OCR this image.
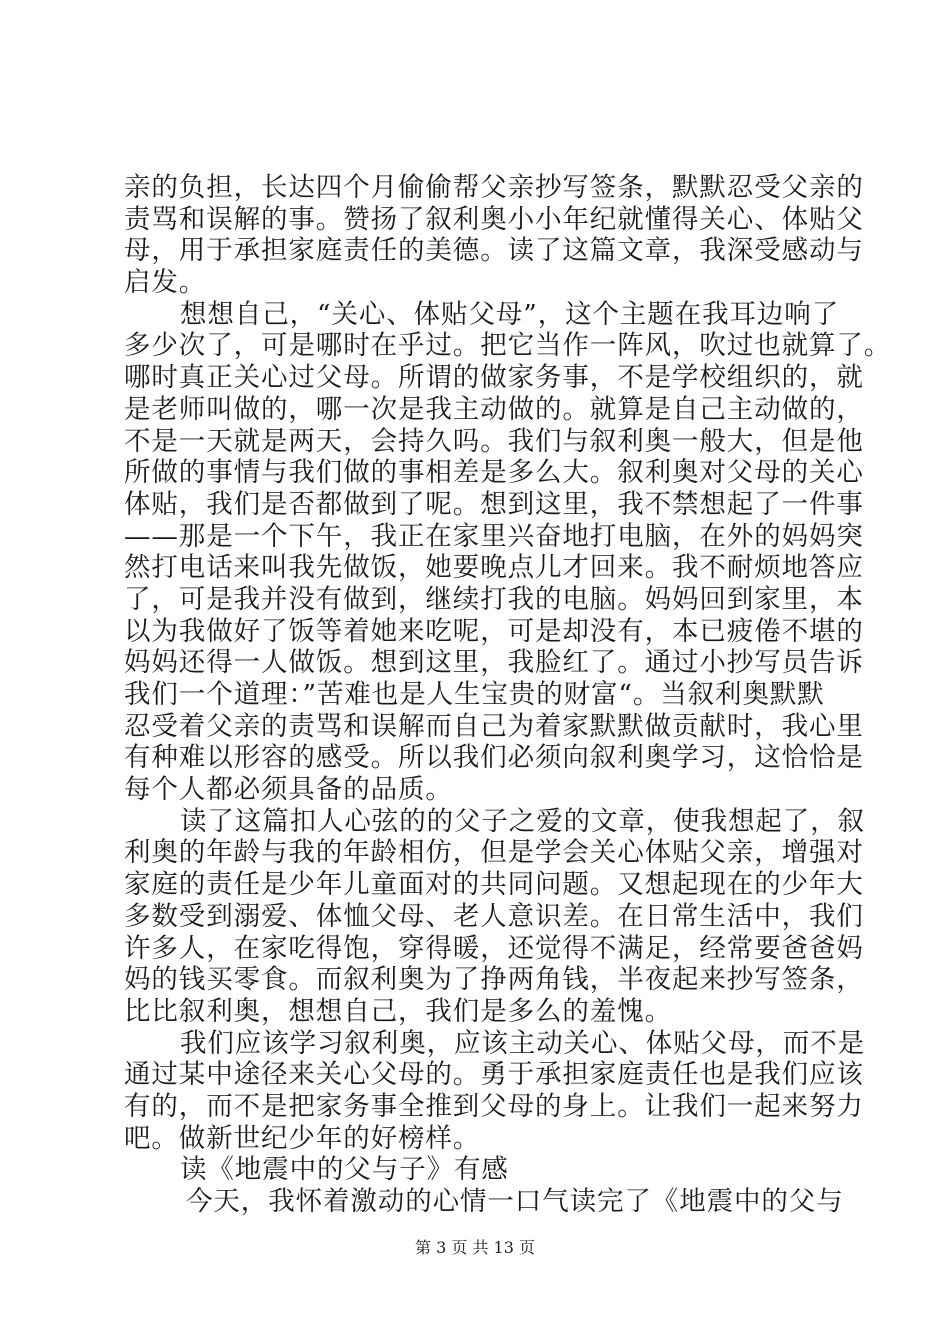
亲的负担，长达四个月偷偷帮父亲抄写签条，默默忍受父亲的
责骂和误解的事。赞扬了叙利奥小小年纪就懂得关心、体贴父
母，用于承担家庭责任的美德。读了这篇文章，我深受感动与
启发。
想想自己，“关心、体贴父母”，这个主题在我耳边响了
多少次了，可是哪时在乎过。把它当作一阵风，吹过也就算了。
哪时真正关心过父母。所谓的做家务事，不是学校组织的，就
是老师叫做的，哪一次是我主动做的。就算是自己主动做的，
不是一天就是两天，会持久吗。我们与叙利奥一般大，但是他
所做的事情与我们做的事相差是多么大。叙利奥对父母的关心
体贴，我们是否都做到了呢。想到这里，我不禁想起了一件事
——那是一个下午，我正在家里兴奋地打电脑，在外的妈妈突
然打电话来叫我先做饭，她要晚点儿才回来。我不耐烦地答应
了，可是我并没有做到，继续打我的电脑。妈妈回到家里，本
以为我做好了饭等着她来吃呢，可是却没有，本已疲倦不堪的
妈妈还得一人做饭。想到这里，我脸红了。通过小抄写员告诉
我们一个道理：”苦难也是人生宝贵的财富“。当叙利奥默默
忍受着父亲的责骂和误解而自己为着家默默做贡献时，我心里
有种难以形容的感受。所以我们必须向叙利奥学习，这恰恰是
每个人都必须具备的品质。
读了这篇扣人心弦的的父子之爱的文章，使我想起了，叙
利奥的年龄与我的年龄相仿，但是学会关心体贴父亲，增强对
家庭的责任是少年儿童面对的共同问题。又想起现在的少年大
多数受到溺爱、体恤父母、老人意识差。在日常生活中，我们
许多人，在家吃得饱，穿得暖，还觉得不满足，经常要爸爸妈
妈的钱买零食。而叙利奥为了挣两角钱，半夜起来抄写签条，
比比叙利奥，想想自己，我们是多么的羞愧。
我们应该学习叙利奥，应该主动关心、体贴父母，而不是
通过某中途径来关心父母的。勇于承担家庭责任也是我们应该
有的，而不是把家务事全推到父母的身上。让我们一起来努力
吧。做新世纪少年的好榜样。
读《地震中的父与子》有感
今天，我怀着激动的心情一口气读完了《地震中的父与
第 3 页 共 13 页
